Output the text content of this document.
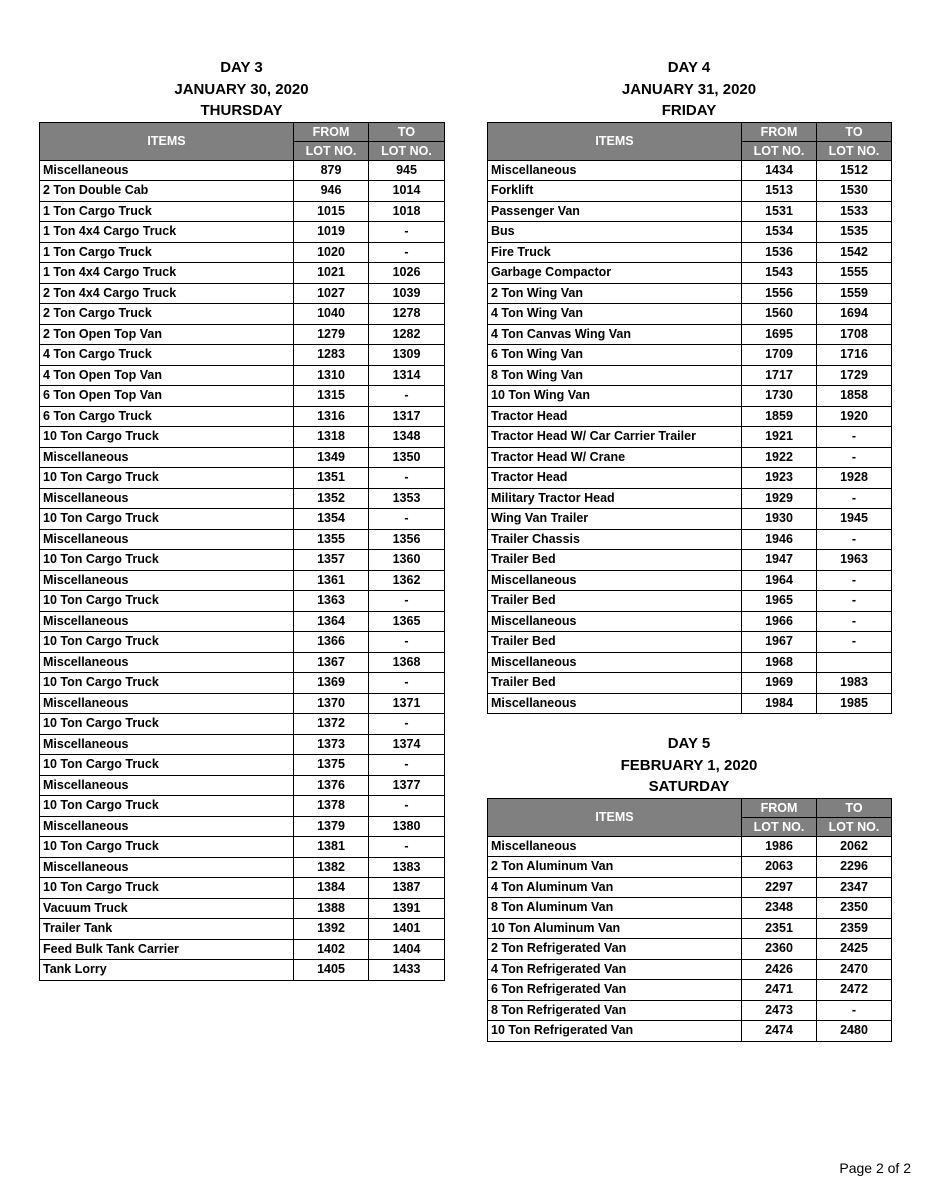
DAY 3
JANUARY 30, 2020
THURSDAY
ITEMS	FROM	TO
	LOT NO.	LOT NO.
Miscellaneous	879	945
2 Ton Double Cab	946	1014
1 Ton Cargo Truck	1015	1018
1 Ton 4x4 Cargo Truck	1019	-
1 Ton Cargo Truck	1020	-
1 Ton 4x4 Cargo Truck	1021	1026
2 Ton 4x4 Cargo Truck	1027	1039
2 Ton Cargo Truck	1040	1278
2 Ton Open Top Van	1279	1282
4 Ton Cargo Truck	1283	1309
4 Ton Open Top Van	1310	1314
6 Ton Open Top Van	1315	-
6 Ton Cargo Truck	1316	1317
10 Ton Cargo Truck	1318	1348
Miscellaneous	1349	1350
10 Ton Cargo Truck	1351	-
Miscellaneous	1352	1353
10 Ton Cargo Truck	1354	-
Miscellaneous	1355	1356
10 Ton Cargo Truck	1357	1360
Miscellaneous	1361	1362
10 Ton Cargo Truck	1363	-
Miscellaneous	1364	1365
10 Ton Cargo Truck	1366	-
Miscellaneous	1367	1368
10 Ton Cargo Truck	1369	-
Miscellaneous	1370	1371
10 Ton Cargo Truck	1372	-
Miscellaneous	1373	1374
10 Ton Cargo Truck	1375	-
Miscellaneous	1376	1377
10 Ton Cargo Truck	1378	-
Miscellaneous	1379	1380
10 Ton Cargo Truck	1381	-
Miscellaneous	1382	1383
10 Ton Cargo Truck	1384	1387
Vacuum Truck	1388	1391
Trailer Tank	1392	1401
Feed Bulk Tank Carrier	1402	1404
Tank Lorry	1405	1433
DAY 4
JANUARY 31, 2020
FRIDAY
ITEMS	FROM	TO
	LOT NO.	LOT NO.
Miscellaneous	1434	1512
Forklift	1513	1530
Passenger Van	1531	1533
Bus	1534	1535
Fire Truck	1536	1542
Garbage Compactor	1543	1555
2 Ton Wing Van	1556	1559
4 Ton Wing Van	1560	1694
4 Ton Canvas Wing Van	1695	1708
6 Ton Wing Van	1709	1716
8 Ton Wing Van	1717	1729
10 Ton Wing Van	1730	1858
Tractor Head	1859	1920
Tractor Head W/ Car Carrier Trailer	1921	-
Tractor Head W/ Crane	1922	-
Tractor Head	1923	1928
Military Tractor Head	1929	-
Wing Van Trailer	1930	1945
Trailer Chassis	1946	-
Trailer Bed	1947	1963
Miscellaneous	1964	-
Trailer Bed	1965	-
Miscellaneous	1966	-
Trailer Bed	1967	-
Miscellaneous	1968	
Trailer Bed	1969	1983
Miscellaneous	1984	1985
DAY 5
FEBRUARY 1, 2020
SATURDAY
ITEMS	FROM	TO
	LOT NO.	LOT NO.
Miscellaneous	1986	2062
2 Ton Aluminum Van	2063	2296
4 Ton Aluminum Van	2297	2347
8 Ton Aluminum Van	2348	2350
10 Ton Aluminum Van	2351	2359
2 Ton Refrigerated Van	2360	2425
4 Ton Refrigerated Van	2426	2470
6 Ton Refrigerated Van	2471	2472
8 Ton Refrigerated Van	2473	-
10 Ton Refrigerated Van	2474	2480
Page 2 of 2
